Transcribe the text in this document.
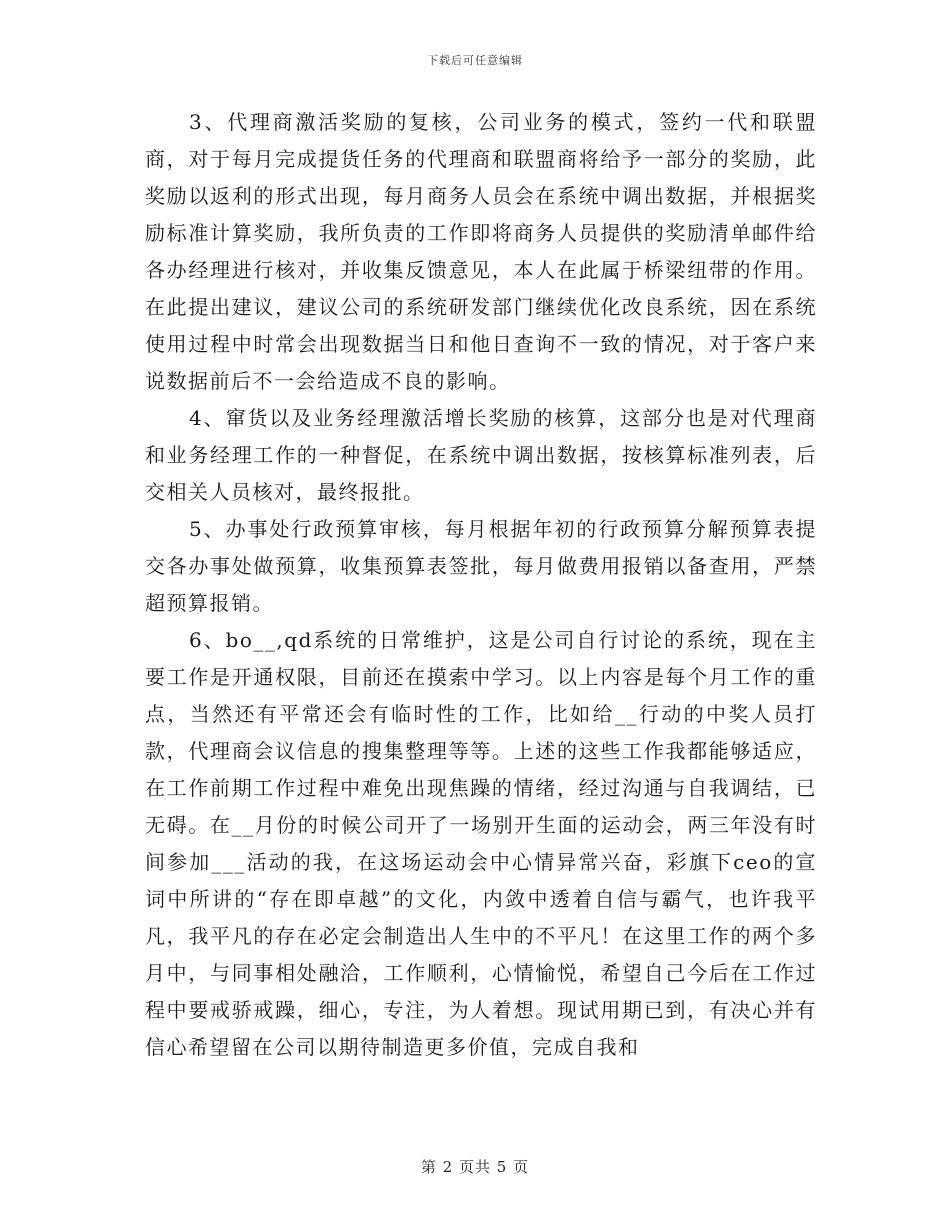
下载后可任意编辑

3、代理商激活奖励的复核，公司业务的模式，签约一代和联盟商，对于每月完成提货任务的代理商和联盟商将给予一部分的奖励，此奖励以返利的形式出现，每月商务人员会在系统中调出数据，并根据奖励标准计算奖励，我所负责的工作即将商务人员提供的奖励清单邮件给各办经理进行核对，并收集反馈意见，本人在此属于桥梁纽带的作用。在此提出建议，建议公司的系统研发部门继续优化改良系统，因在系统使用过程中时常会出现数据当日和他日查询不一致的情况，对于客户来说数据前后不一会给造成不良的影响。

4、窜货以及业务经理激活增长奖励的核算，这部分也是对代理商和业务经理工作的一种督促，在系统中调出数据，按核算标准列表，后交相关人员核对，最终报批。

5、办事处行政预算审核，每月根据年初的行政预算分解预算表提交各办事处做预算，收集预算表签批，每月做费用报销以备查用，严禁超预算报销。

6、bo__,qd系统的日常维护，这是公司自行讨论的系统，现在主要工作是开通权限，目前还在摸索中学习。以上内容是每个月工作的重点，当然还有平常还会有临时性的工作，比如给__行动的中奖人员打款，代理商会议信息的搜集整理等等。上述的这些工作我都能够适应，在工作前期工作过程中难免出现焦躁的情绪，经过沟通与自我调结，已无碍。在__月份的时候公司开了一场别开生面的运动会，两三年没有时间参加___活动的我，在这场运动会中心情异常兴奋，彩旗下ceo的宣词中所讲的“存在即卓越”的文化，内敛中透着自信与霸气，也许我平凡，我平凡的存在必定会制造出人生中的不平凡！在这里工作的两个多月中，与同事相处融洽，工作顺利，心情愉悦，希望自己今后在工作过程中要戒骄戒躁，细心，专注，为人着想。现试用期已到，有决心并有信心希望留在公司以期待制造更多价值，完成自我和

第 2 页共 5 页
